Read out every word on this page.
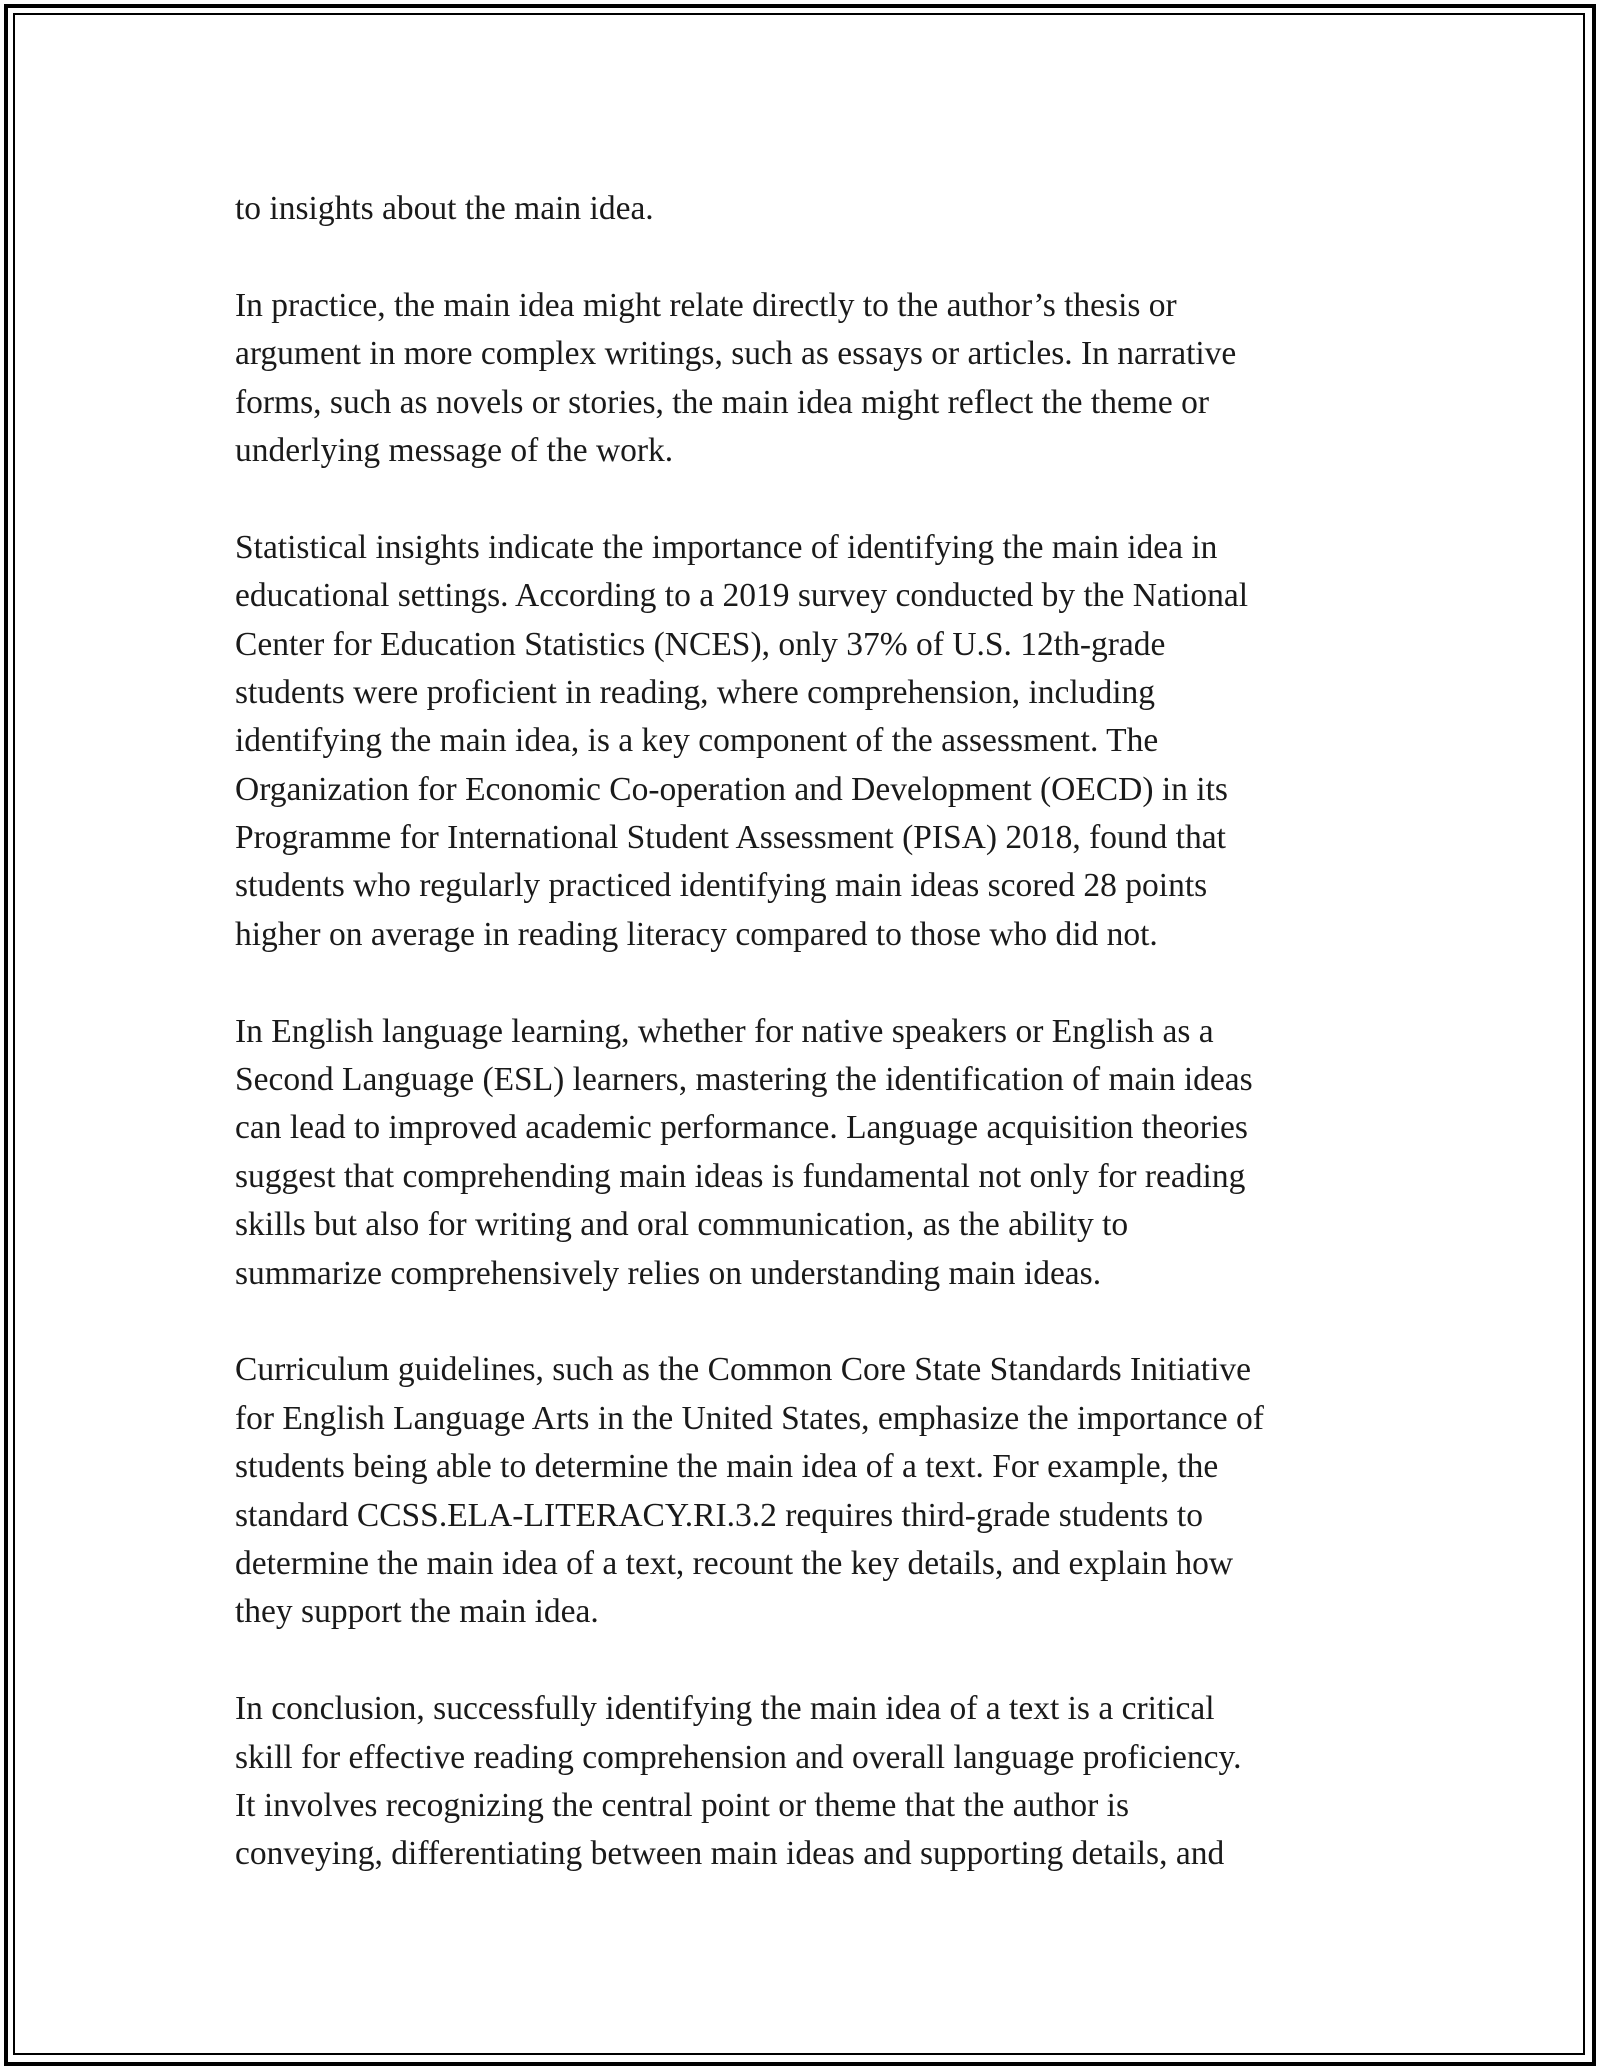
to insights about the main idea.

In practice, the main idea might relate directly to the author’s thesis or
argument in more complex writings, such as essays or articles. In narrative
forms, such as novels or stories, the main idea might reflect the theme or
underlying message of the work.

Statistical insights indicate the importance of identifying the main idea in
educational settings. According to a 2019 survey conducted by the National
Center for Education Statistics (NCES), only 37% of U.S. 12th-grade
students were proficient in reading, where comprehension, including
identifying the main idea, is a key component of the assessment. The
Organization for Economic Co-operation and Development (OECD) in its
Programme for International Student Assessment (PISA) 2018, found that
students who regularly practiced identifying main ideas scored 28 points
higher on average in reading literacy compared to those who did not.

In English language learning, whether for native speakers or English as a
Second Language (ESL) learners, mastering the identification of main ideas
can lead to improved academic performance. Language acquisition theories
suggest that comprehending main ideas is fundamental not only for reading
skills but also for writing and oral communication, as the ability to
summarize comprehensively relies on understanding main ideas.

Curriculum guidelines, such as the Common Core State Standards Initiative
for English Language Arts in the United States, emphasize the importance of
students being able to determine the main idea of a text. For example, the
standard CCSS.ELA-LITERACY.RI.3.2 requires third-grade students to
determine the main idea of a text, recount the key details, and explain how
they support the main idea.

In conclusion, successfully identifying the main idea of a text is a critical
skill for effective reading comprehension and overall language proficiency.
It involves recognizing the central point or theme that the author is
conveying, differentiating between main ideas and supporting details, and
